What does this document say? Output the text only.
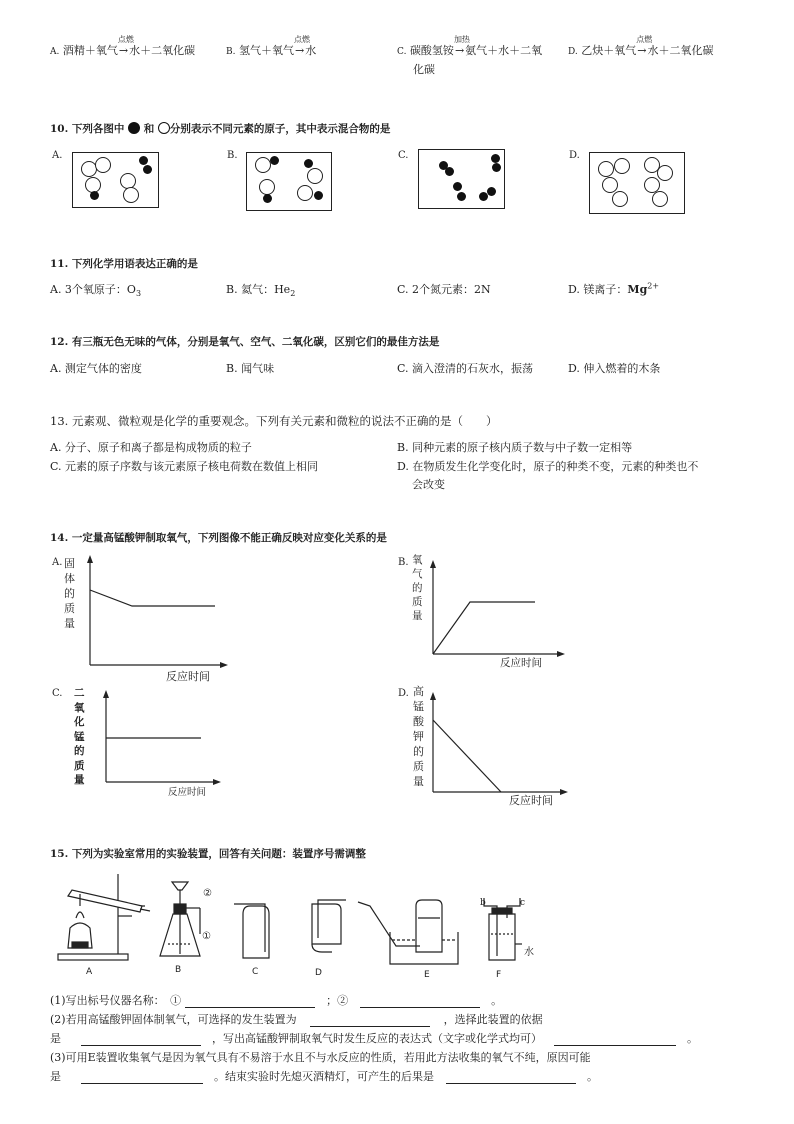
A. 酒精＋氧气
点燃
→水＋二氧化碳	B. 氢气＋氧气
点燃
→水	C. 碳酸氢铵
加热
→氨气＋水＋二氧
化碳
D. 乙炔＋氧气
点燃
→水＋二氧化碳
10. 下列各图中 和 分别表示不同元素的原子，其中表示混合物的是
A.	B.	C.	D.
11. 下列化学用语表达正确的是
A. 3个氧原子：$O_3$	B. 氦气：$He_2$	C. 2个氮元素：2N	D. 镁离子：$Mg^{2+}$
12. 有三瓶无色无味的气体，分别是氧气、空气、二氧化碳，区别它们的最佳方法是
A. 测定气体的密度	B. 闻气味	C. 滴入澄清的石灰水，振荡	D. 伸入燃着的木条
13. 元素观、微粒观是化学的重要观念。下列有关元素和微粒的说法不正确的是（　　）
A. 分子、原子和离子都是构成物质的粒子	B. 同种元素的原子核内质子数与中子数一定相等
C. 元素的原子序数与该元素原子核电荷数在数值上相同	D. 在物质发生化学变化时，原子的种类不变，元素的种类也不
会改变
14. 一定量高锰酸钾制取氧气，下列图像不能正确反映对应变化关系的是
A. 固体的质量
反应时间
B. 氧气的质量
反应时间
C. 二氧化锰的质量
反应时间
D. 高锰酸钾的质量
反应时间
15. 下列为实验室常用的实验装置，回答有关问题：装置序号需调整
②
①
b	c
水
A	B	C	D	E	F
(1)写出标号仪器名称：　①	；②	。
(2)若用高锰酸钾固体制氧气，可选择的发生装置为	，选择此装置的依据
是	，写出高锰酸钾制取氧气时发生反应的表达式（文字或化学式均可）	。
(3)可用E装置收集氧气是因为氧气具有不易溶于水且不与水反应的性质，若用此方法收集的氧气不纯，原因可能
是	。结束实验时先熄灭酒精灯，可产生的后果是	。
